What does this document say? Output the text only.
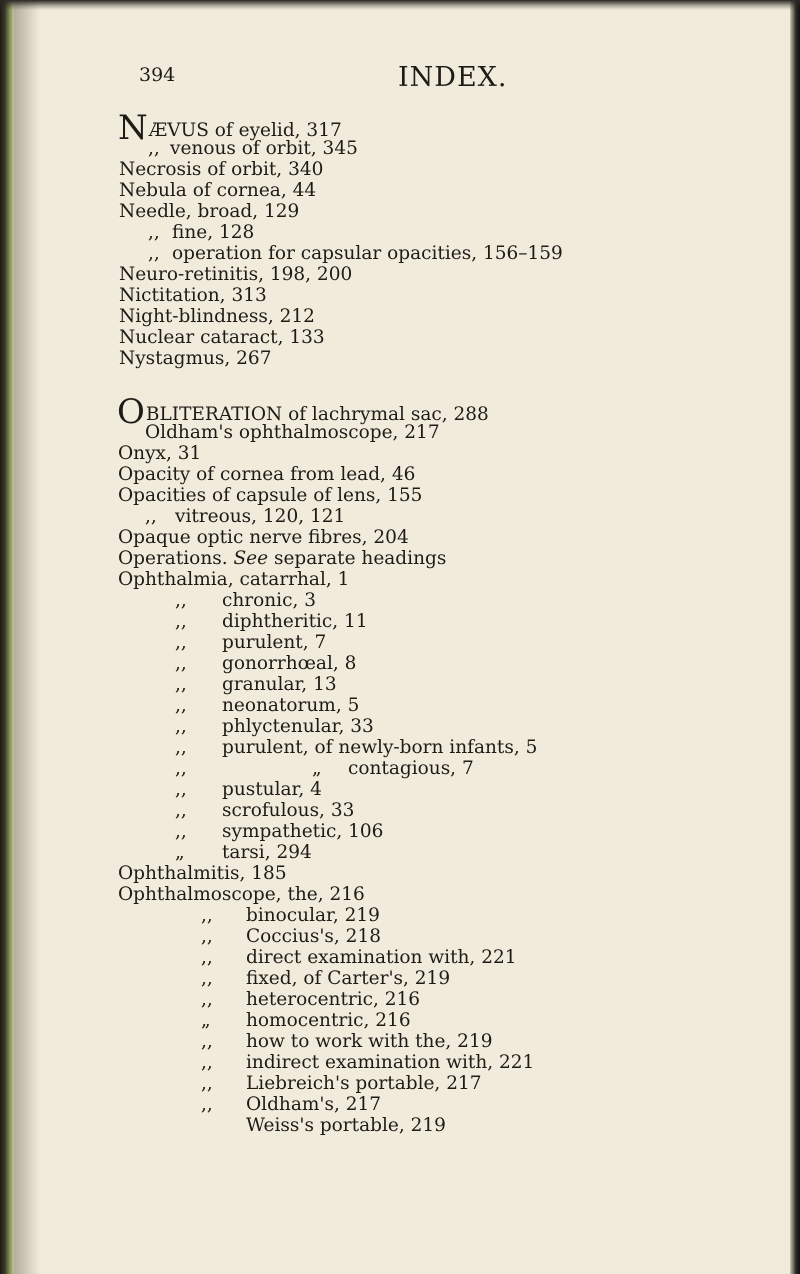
394	INDEX.
NÆVUS of eyelid, 317
,, venous of orbit, 345
Necrosis of orbit, 340
Nebula of cornea, 44
Needle, broad, 129
,, fine, 128
,, operation for capsular opacities, 156–159
Neuro-retinitis, 198, 200
Nictitation, 313
Night-blindness, 212
Nuclear cataract, 133
Nystagmus, 267
OBLITERATION of lachrymal sac, 288
Oldham's ophthalmoscope, 217
Onyx, 31
Opacity of cornea from lead, 46
Opacities of capsule of lens, 155
,, vitreous, 120, 121
Opaque optic nerve fibres, 204
Operations. See separate headings
Ophthalmia, catarrhal, 1
,, chronic, 3
,, diphtheritic, 11
,, purulent, 7
,, gonorrhœal, 8
,, granular, 13
,, neonatorum, 5
,, phlyctenular, 33
,, purulent, of newly-born infants, 5
,,	„ contagious, 7
,, pustular, 4
,, scrofulous, 33
,, sympathetic, 106
„ tarsi, 294
Ophthalmitis, 185
Ophthalmoscope, the, 216
,, binocular, 219
,, Coccius's, 218
,, direct examination with, 221
,, fixed, of Carter's, 219
,, heterocentric, 216
„ homocentric, 216
,, how to work with the, 219
,, indirect examination with, 221
,, Liebreich's portable, 217
,, Oldham's, 217
Weiss's portable, 219
